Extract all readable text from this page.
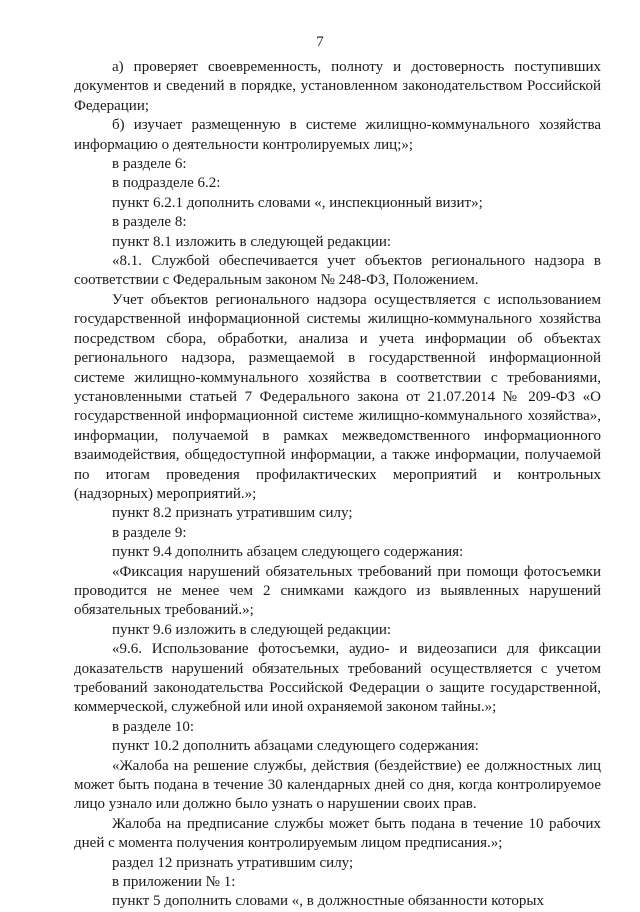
7

а) проверяет своевременность, полноту и достоверность поступивших документов и сведений в порядке, установленном законодательством Российской Федерации;

б) изучает размещенную в системе жилищно-коммунального хозяйства информацию о деятельности контролируемых лиц;»;

в разделе 6:

в подразделе 6.2:

пункт 6.2.1 дополнить словами «, инспекционный визит»;

в разделе 8:

пункт 8.1 изложить в следующей редакции:

«8.1. Службой обеспечивается учет объектов регионального надзора в соответствии с Федеральным законом № 248-ФЗ, Положением.

Учет объектов регионального надзора осуществляется с использованием государственной информационной системы жилищно-коммунального хозяйства посредством сбора, обработки, анализа и учета информации об объектах регионального надзора, размещаемой в государственной информационной системе жилищно-коммунального хозяйства в соответствии с требованиями, установленными статьей 7 Федерального закона от 21.07.2014 № 209-ФЗ «О государственной информационной системе жилищно-коммунального хозяйства», информации, получаемой в рамках межведомственного информационного взаимодействия, общедоступной информации, а также информации, получаемой по итогам проведения профилактических мероприятий и контрольных (надзорных) мероприятий.»;

пункт 8.2 признать утратившим силу;

в разделе 9:

пункт 9.4 дополнить абзацем следующего содержания:

«Фиксация нарушений обязательных требований при помощи фотосъемки проводится не менее чем 2 снимками каждого из выявленных нарушений обязательных требований.»;

пункт 9.6 изложить в следующей редакции:

«9.6. Использование фотосъемки, аудио- и видеозаписи для фиксации доказательств нарушений обязательных требований осуществляется с учетом требований законодательства Российской Федерации о защите государственной, коммерческой, служебной или иной охраняемой законом тайны.»;

в разделе 10:

пункт 10.2 дополнить абзацами следующего содержания:

«Жалоба на решение службы, действия (бездействие) ее должностных лиц может быть подана в течение 30 календарных дней со дня, когда контролируемое лицо узнало или должно было узнать о нарушении своих прав.

Жалоба на предписание службы может быть подана в течение 10 рабочих дней с момента получения контролируемым лицом предписания.»;

раздел 12 признать утратившим силу;

в приложении № 1:

пункт 5 дополнить словами «, в должностные обязанности которых
